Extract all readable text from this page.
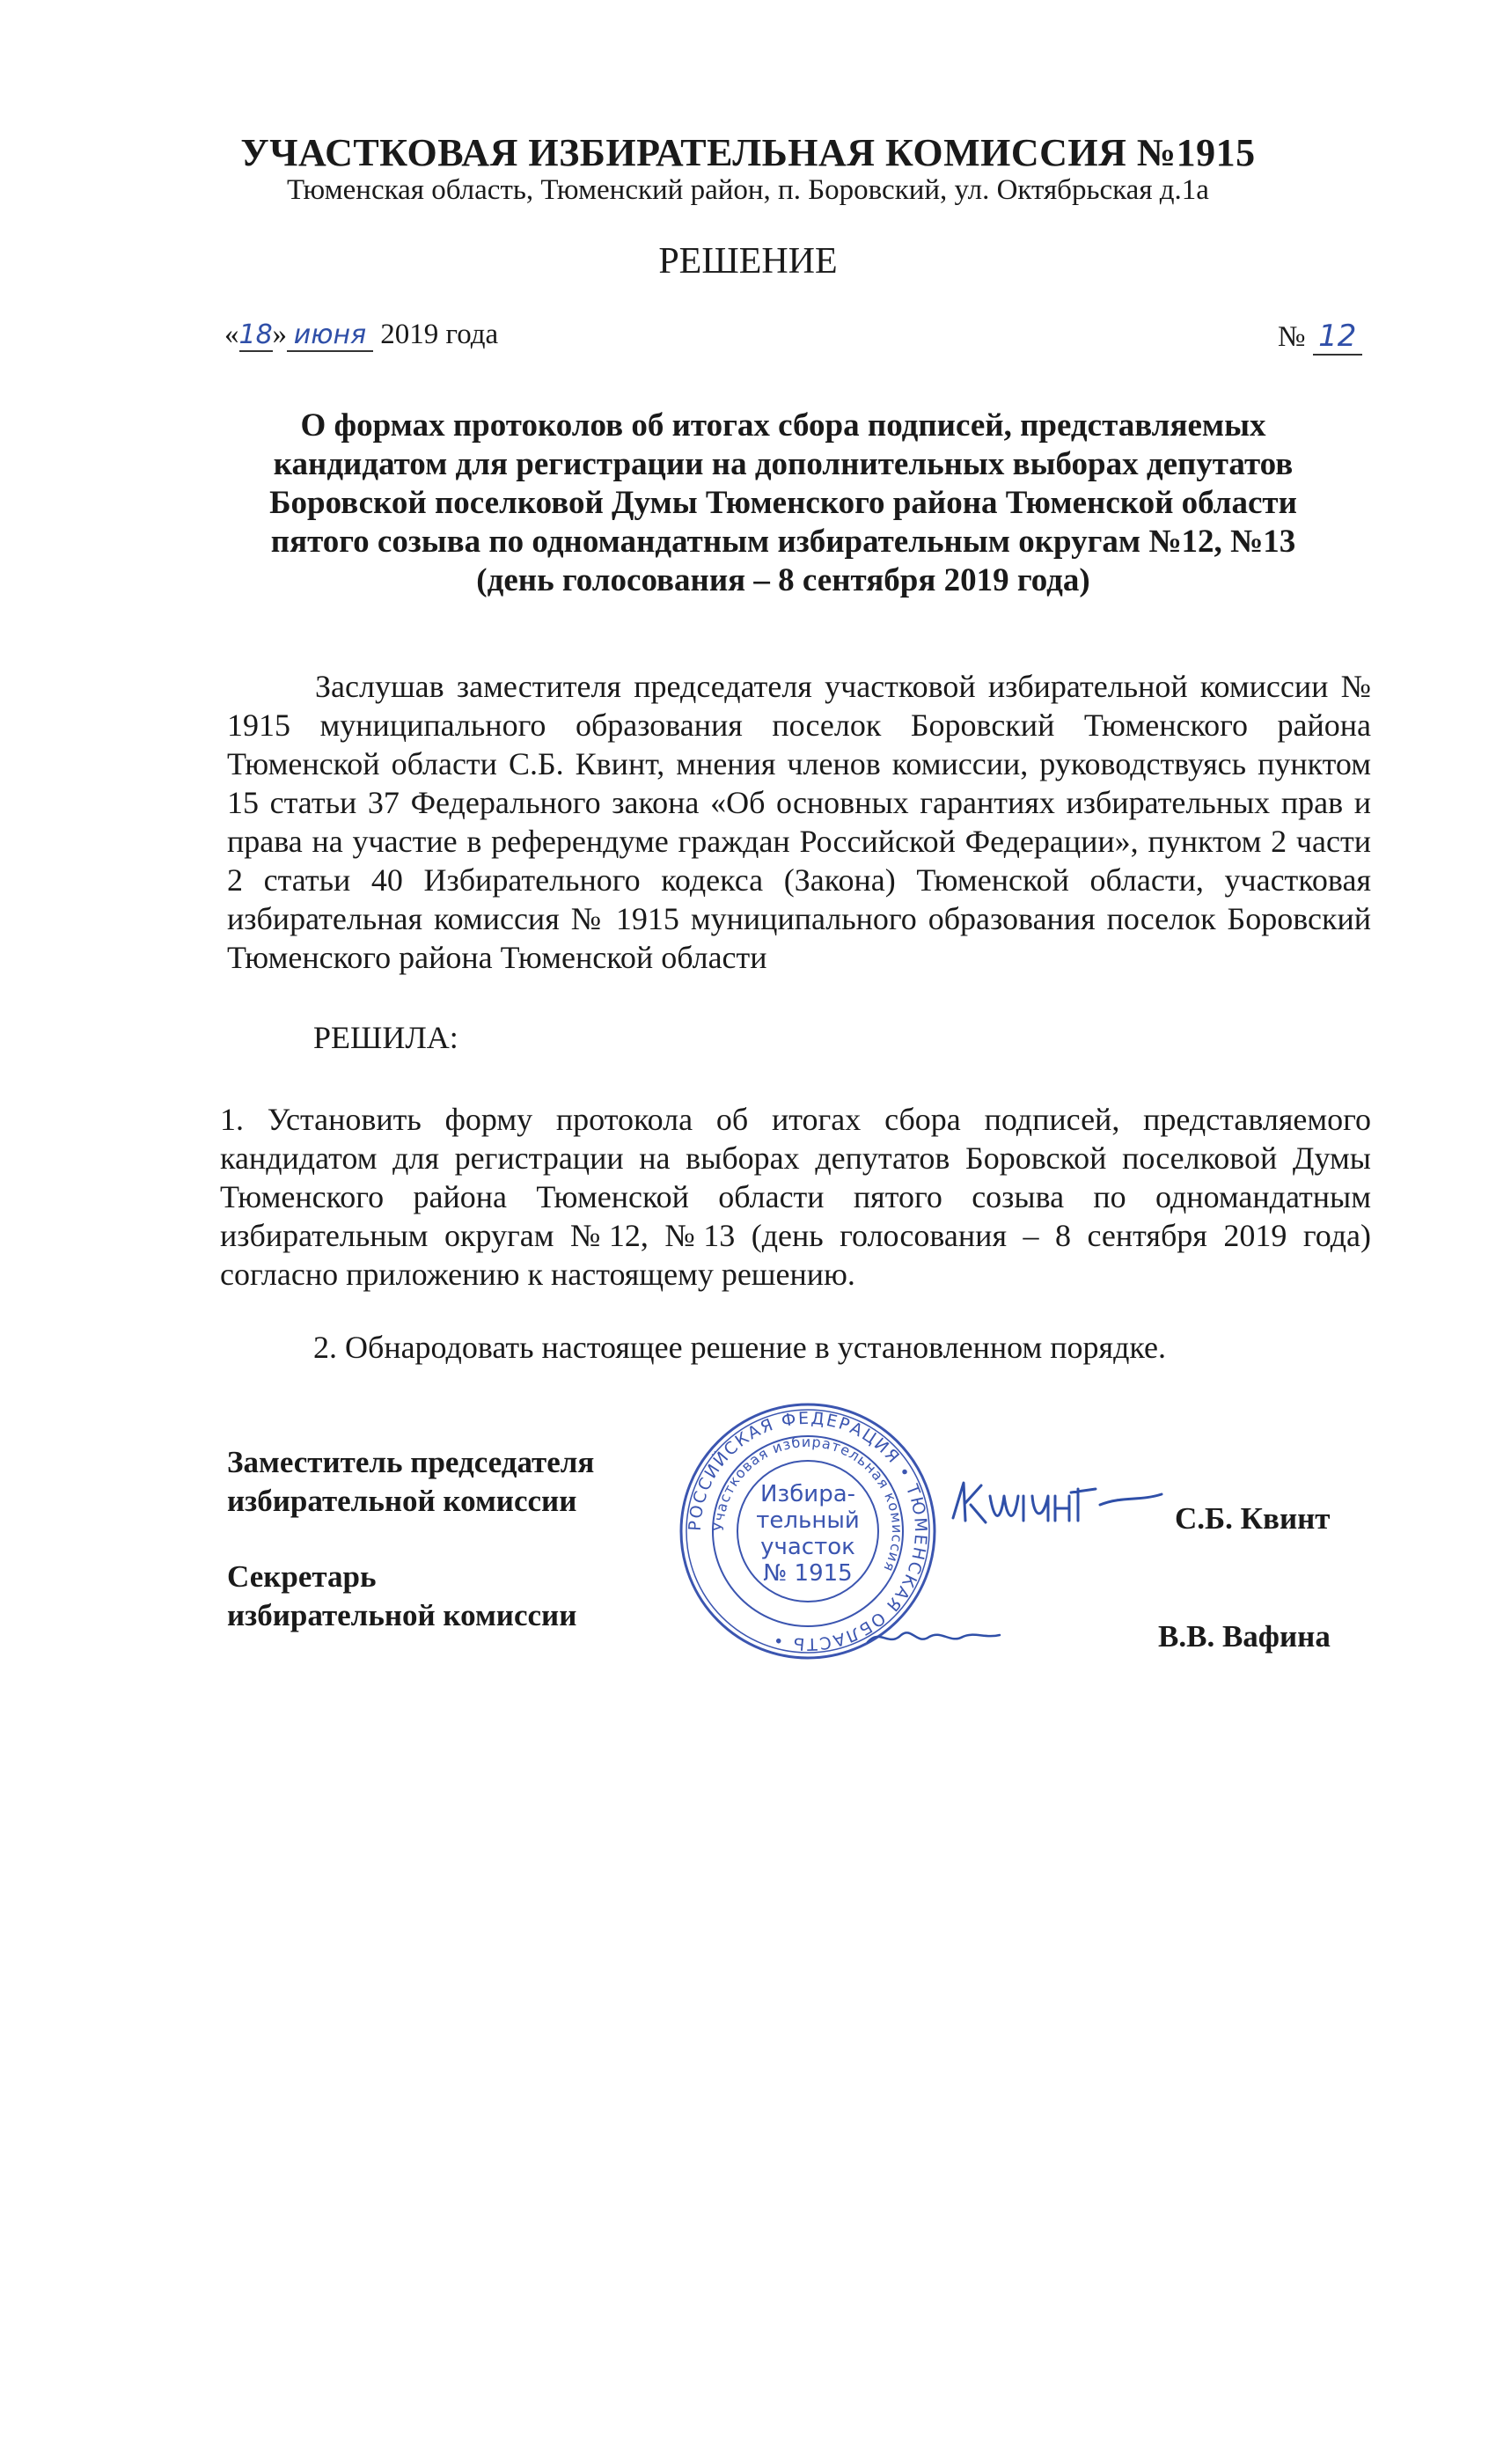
УЧАСТКОВАЯ ИЗБИРАТЕЛЬНАЯ КОМИССИЯ №1915
Тюменская область, Тюменский район, п. Боровский, ул. Октябрьская д.1а
РЕШЕНИЕ
«18» июня 2019 года	№ 12
О формах протоколов об итогах сбора подписей, представляемых
кандидатом для регистрации на дополнительных выборах депутатов
Боровской поселковой Думы Тюменского района Тюменской области
пятого созыва по одномандатным избирательным округам №12, №13
(день голосования – 8 сентября 2019 года)
Заслушав заместителя председателя участковой избирательной комиссии № 1915 муниципального образования поселок Боровский Тюменского района Тюменской области С.Б. Квинт, мнения членов комиссии, руководствуясь пунктом 15 статьи 37 Федерального закона «Об основных гарантиях избирательных прав и права на участие в референдуме граждан Российской Федерации», пунктом 2 части 2 статьи 40 Избирательного кодекса (Закона) Тюменской области, участковая избирательная комиссия № 1915 муниципального образования поселок Боровский Тюменского района Тюменской области
РЕШИЛА:
1. Установить форму протокола об итогах сбора подписей, представляемого кандидатом для регистрации на выборах депутатов Боровской поселковой Думы Тюменского района Тюменской области пятого созыва по одномандатным избирательным округам №12, №13 (день голосования – 8 сентября 2019 года) согласно приложению к настоящему решению.
2. Обнародовать настоящее решение в установленном порядке.
Заместитель председателя
избирательной комиссии
Секретарь
избирательной комиссии
С.Б. Квинт
В.В. Вафина
РОССИЙСКАЯ ФЕДЕРАЦИЯ • ТЮМЕНСКАЯ ОБЛАСТЬ •
Участковая избирательная комиссия
Избира-
тельный
участок
№ 1915
